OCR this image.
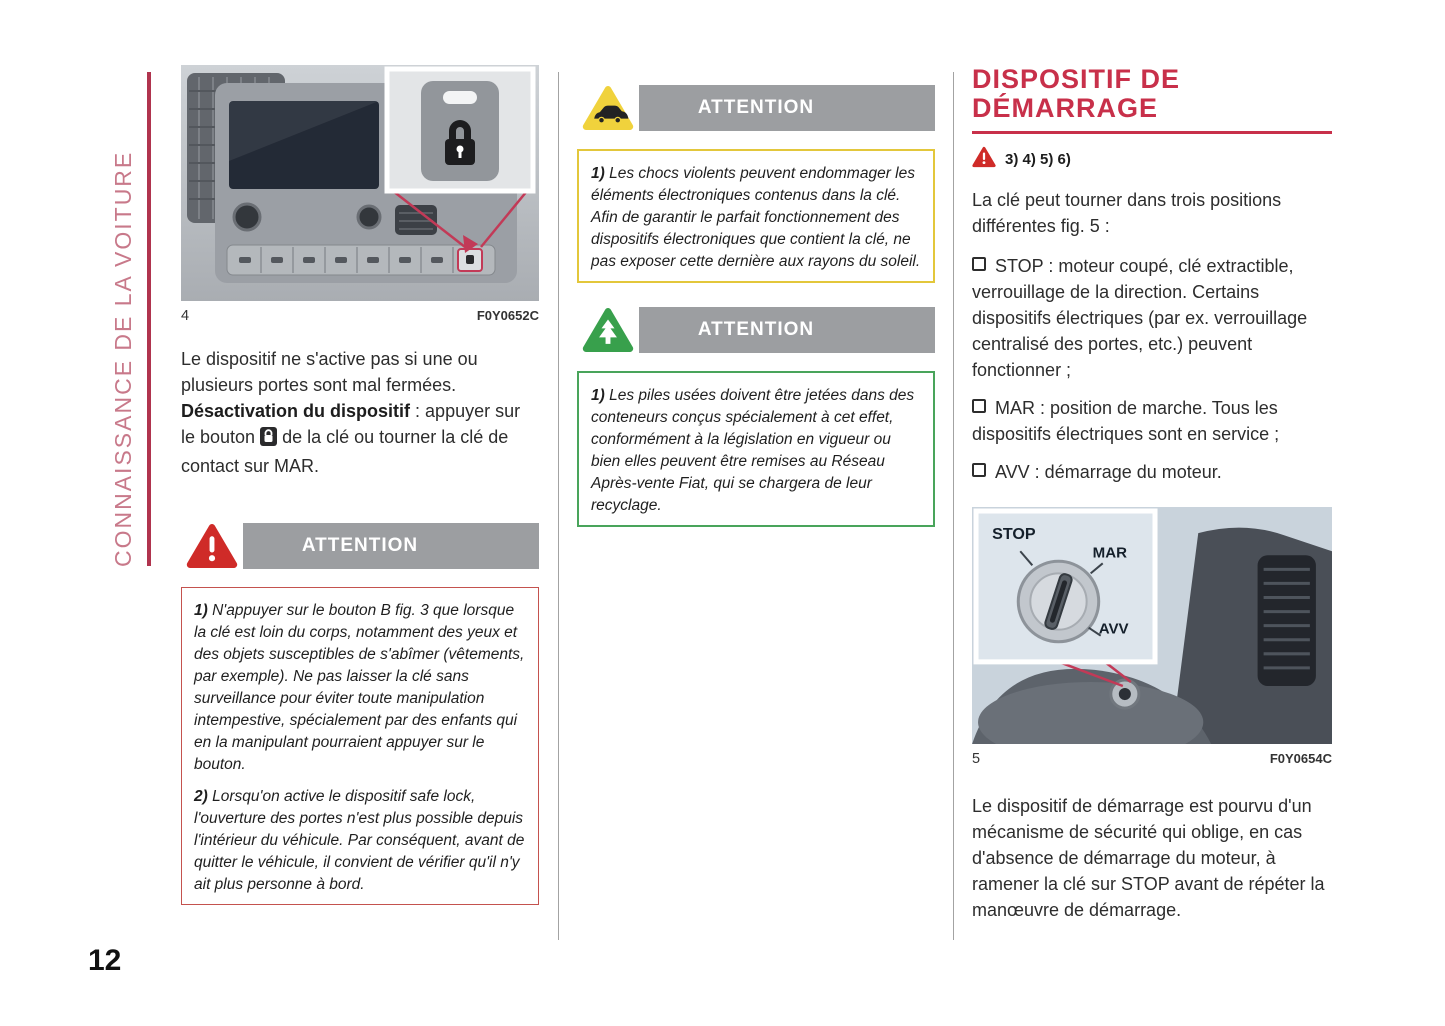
CONNAISSANCE DE LA VOITURE
12
4	F0Y0652C

Le dispositif ne s'active pas si une ou plusieurs portes sont mal fermées. Désactivation du dispositif : appuyer sur le bouton de la clé ou tourner la clé de contact sur MAR.

ATTENTION

1) N'appuyer sur le bouton B fig. 3 que lorsque la clé est loin du corps, notamment des yeux et des objets susceptibles de s'abîmer (vêtements, par exemple). Ne pas laisser la clé sans surveillance pour éviter toute manipulation intempestive, spécialement par des enfants qui en la manipulant pourraient appuyer sur le bouton.

2) Lorsqu'on active le dispositif safe lock, l'ouverture des portes n'est plus possible depuis l'intérieur du véhicule. Par conséquent, avant de quitter le véhicule, il convient de vérifier qu'il n'y ait plus personne à bord.

ATTENTION

1) Les chocs violents peuvent endommager les éléments électroniques contenus dans la clé. Afin de garantir le parfait fonctionnement des dispositifs électroniques que contient la clé, ne pas exposer cette dernière aux rayons du soleil.

ATTENTION

1) Les piles usées doivent être jetées dans des conteneurs conçus spécialement à cet effet, conformément à la législation en vigueur ou bien elles peuvent être remises au Réseau Après-vente Fiat, qui se chargera de leur recyclage.

DISPOSITIF DE
DÉMARRAGE
3) 4) 5) 6)

La clé peut tourner dans trois positions différentes fig. 5 :

STOP : moteur coupé, clé extractible, verrouillage de la direction. Certains dispositifs électriques (par ex. verrouillage centralisé des portes, etc.) peuvent fonctionner ;

MAR : position de marche. Tous les dispositifs électriques sont en service ;

AVV : démarrage du moteur.

STOP
MAR
AVV
5	F0Y0654C

Le dispositif de démarrage est pourvu d'un mécanisme de sécurité qui oblige, en cas d'absence de démarrage du moteur, à ramener la clé sur STOP avant de répéter la manœuvre de démarrage.
